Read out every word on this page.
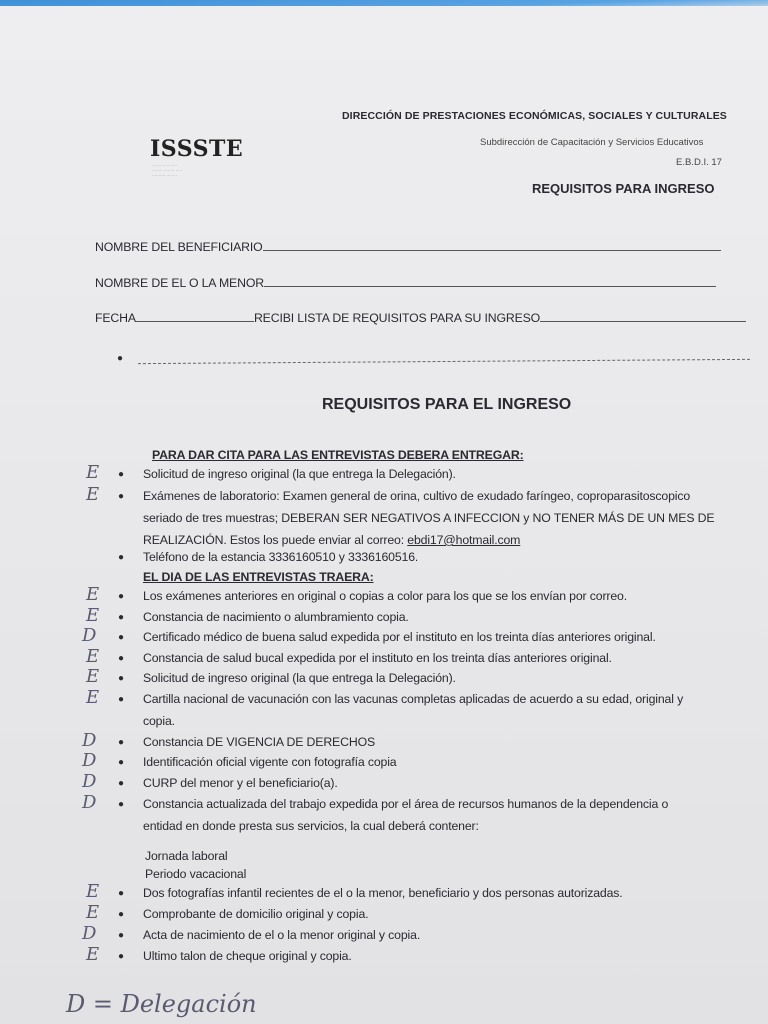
ISSSTE
·········· ········
········ ········ ·····
·········· ········
DIRECCIÓN DE PRESTACIONES ECONÓMICAS, SOCIALES Y CULTURALES
Subdirección de Capacitación y Servicios Educativos
E.B.D.I. 17
REQUISITOS PARA INGRESO
NOMBRE DEL BENEFICIARIO
NOMBRE DE EL O LA MENOR
FECHA	RECIBI LISTA DE REQUISITOS PARA SU INGRESO
●
REQUISITOS PARA EL INGRESO
PARA DAR CITA PARA LAS ENTREVISTAS DEBERA ENTREGAR:
E ● Solicitud de ingreso original (la que entrega la Delegación).
E ● Exámenes de laboratorio: Examen general de orina, cultivo de exudado faríngeo, coproparasitoscopico
seriado de tres muestras; DEBERAN SER NEGATIVOS A INFECCION y NO TENER MÁS DE UN MES DE
REALIZACIÓN. Estos los puede enviar al correo: ebdi17@hotmail.com
● Teléfono de la estancia 3336160510 y 3336160516.
EL DIA DE LAS ENTREVISTAS TRAERA:
E ● Los exámenes anteriores en original o copias a color para los que se los envían por correo.
E ● Constancia de nacimiento o alumbramiento copia.
D ● Certificado médico de buena salud expedida por el instituto en los treinta días anteriores original.
E ● Constancia de salud bucal expedida por el instituto en los treinta días anteriores original.
E ● Solicitud de ingreso original (la que entrega la Delegación).
E ● Cartilla nacional de vacunación con las vacunas completas aplicadas de acuerdo a su edad, original y
copia.
D ● Constancia DE VIGENCIA DE DERECHOS
D ● Identificación oficial vigente con fotografía copia
D ● CURP del menor y el beneficiario(a).
D ● Constancia actualizada del trabajo expedida por el área de recursos humanos de la dependencia o
entidad en donde presta sus servicios, la cual deberá contener:
Jornada laboral
Periodo vacacional
E ● Dos fotografías infantil recientes de el o la menor, beneficiario y dos personas autorizadas.
E ● Comprobante de domicilio original y copia.
D ● Acta de nacimiento de el o la menor original y copia.
E ● Ultimo talon de cheque original y copia.
D = Delegación
